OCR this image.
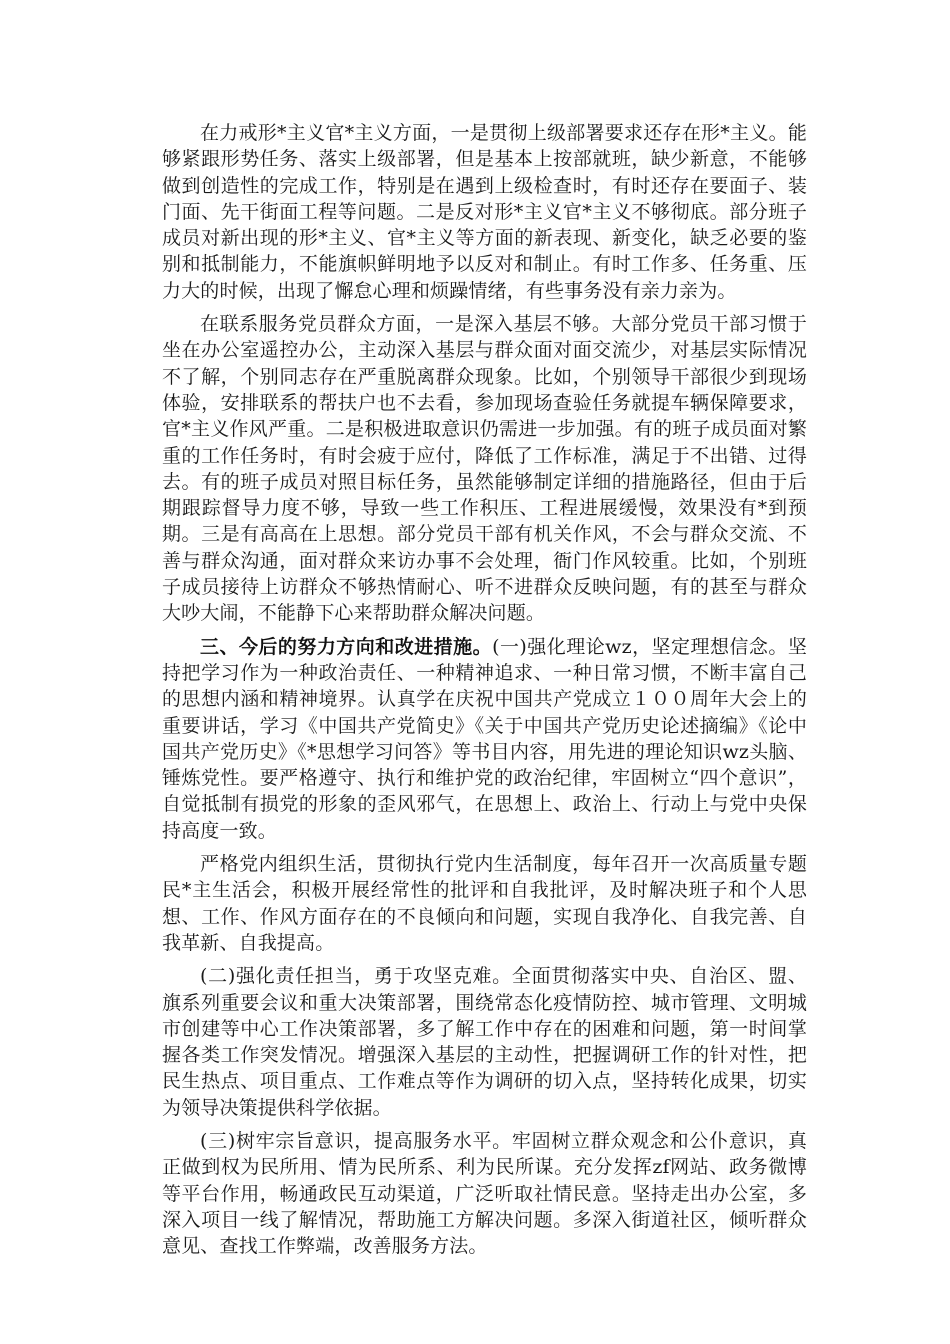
在力戒形*主义官*主义方面，一是贯彻上级部署要求还存在形*主义。能够紧跟形势任务、落实上级部署，但是基本上按部就班，缺少新意，不能够做到创造性的完成工作，特别是在遇到上级检查时，有时还存在要面子、装门面、先干街面工程等问题。二是反对形*主义官*主义不够彻底。部分班子成员对新出现的形*主义、官*主义等方面的新表现、新变化，缺乏必要的鉴别和抵制能力，不能旗帜鲜明地予以反对和制止。有时工作多、任务重、压力大的时候，出现了懈怠心理和烦躁情绪，有些事务没有亲力亲为。

在联系服务党员群众方面，一是深入基层不够。大部分党员干部习惯于坐在办公室遥控办公，主动深入基层与群众面对面交流少，对基层实际情况不了解，个别同志存在严重脱离群众现象。比如，个别领导干部很少到现场体验，安排联系的帮扶户也不去看，参加现场查验任务就提车辆保障要求，官*主义作风严重。二是积极进取意识仍需进一步加强。有的班子成员面对繁重的工作任务时，有时会疲于应付，降低了工作标准，满足于不出错、过得去。有的班子成员对照目标任务，虽然能够制定详细的措施路径，但由于后期跟踪督导力度不够，导致一些工作积压、工程进展缓慢，效果没有*到预期。三是有高高在上思想。部分党员干部有机关作风，不会与群众交流、不善与群众沟通，面对群众来访办事不会处理，衙门作风较重。比如，个别班子成员接待上访群众不够热情耐心、听不进群众反映问题，有的甚至与群众大吵大闹，不能静下心来帮助群众解决问题。

三、今后的努力方向和改进措施。(一)强化理论wz，坚定理想信念。坚持把学习作为一种政治责任、一种精神追求、一种日常习惯，不断丰富自己的思想内涵和精神境界。认真学在庆祝中国共产党成立１００周年大会上的重要讲话，学习《中国共产党简史》《关于中国共产党历史论述摘编》《论中国共产党历史》《*思想学习问答》等书目内容，用先进的理论知识wz头脑、锤炼党性。要严格遵守、执行和维护党的政治纪律，牢固树立“四个意识”，自觉抵制有损党的形象的歪风邪气，在思想上、政治上、行动上与党中央保持高度一致。

严格党内组织生活，贯彻执行党内生活制度，每年召开一次高质量专题民*主生活会，积极开展经常性的批评和自我批评，及时解决班子和个人思想、工作、作风方面存在的不良倾向和问题，实现自我净化、自我完善、自我革新、自我提高。

(二)强化责任担当，勇于攻坚克难。全面贯彻落实中央、自治区、盟、旗系列重要会议和重大决策部署，围绕常态化疫情防控、城市管理、文明城市创建等中心工作决策部署，多了解工作中存在的困难和问题，第一时间掌握各类工作突发情况。增强深入基层的主动性，把握调研工作的针对性，把民生热点、项目重点、工作难点等作为调研的切入点，坚持转化成果，切实为领导决策提供科学依据。

(三)树牢宗旨意识，提高服务水平。牢固树立群众观念和公仆意识，真正做到权为民所用、情为民所系、利为民所谋。充分发挥zf网站、政务微博等平台作用，畅通政民互动渠道，广泛听取社情民意。坚持走出办公室，多深入项目一线了解情况，帮助施工方解决问题。多深入街道社区，倾听群众意见、查找工作弊端，改善服务方法。
